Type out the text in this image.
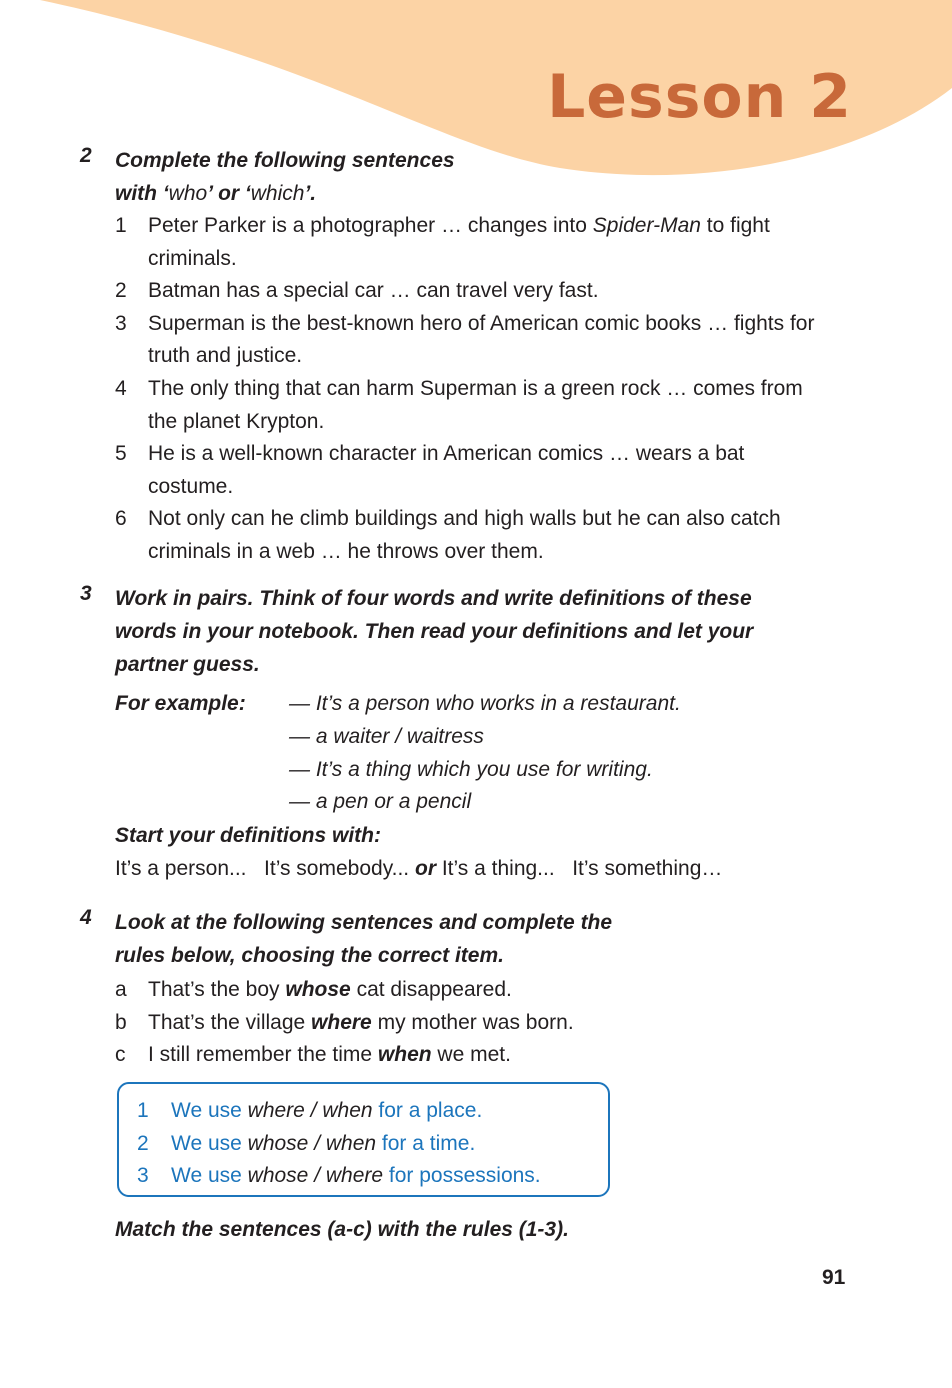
Lesson 2
2 Complete the following sentences
with ‘who’ or ‘which’.
1 Peter Parker is a photographer … changes into Spider-Man to fight criminals.
2 Batman has a special car … can travel very fast.
3 Superman is the best-known hero of American comic books … fights for truth and justice.
4 The only thing that can harm Superman is a green rock … comes from the planet Krypton.
5 He is a well-known character in American comics … wears a bat costume.
6 Not only can he climb buildings and high walls but he can also catch criminals in a web … he throws over them.
3 Work in pairs. Think of four words and write definitions of these words in your notebook. Then read your definitions and let your partner guess.
For example:	— It’s a person who works in a restaurant.
— a waiter / waitress
— It’s a thing which you use for writing.
— a pen or a pencil
Start your definitions with:
It’s a person...   It’s somebody... or It’s a thing...   It’s something…
4 Look at the following sentences and complete the rules below, choosing the correct item.
a That’s the boy whose cat disappeared.
b That’s the village where my mother was born.
c I still remember the time when we met.
1 We use where / when for a place.
2 We use whose / when for a time.
3 We use whose / where for possessions.
Match the sentences (a-c) with the rules (1-3).
91
